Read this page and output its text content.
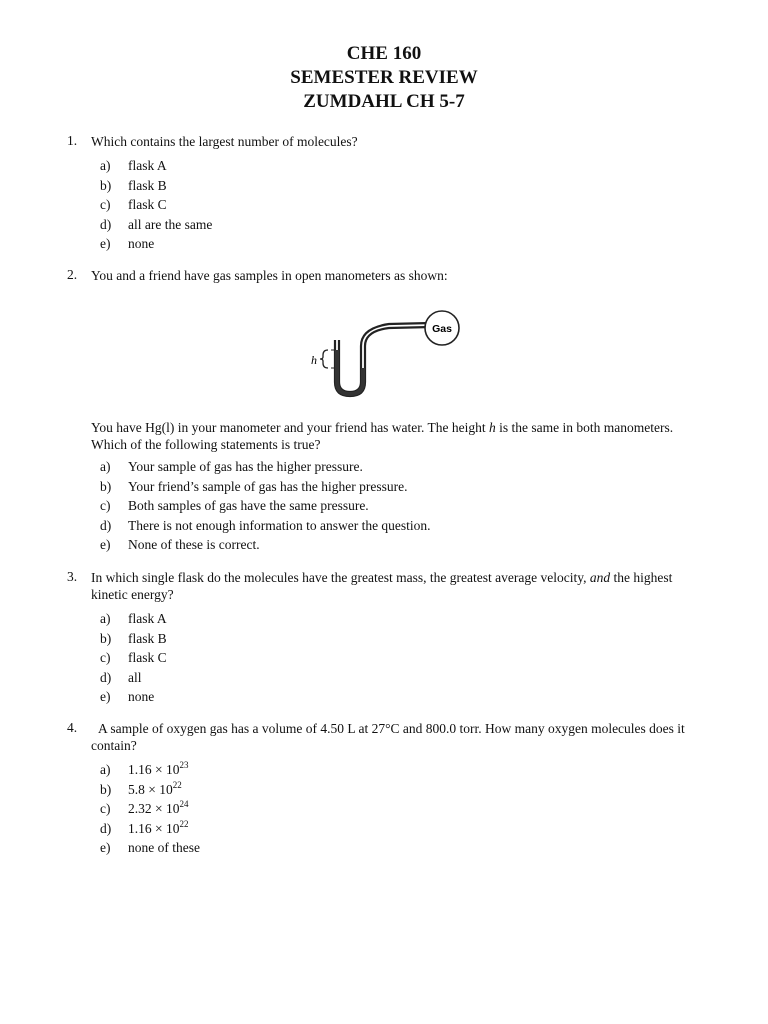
CHE 160

SEMESTER REVIEW

ZUMDAHL CH 5-7

1. Which contains the largest number of molecules?
a) flask A
b) flask B
c) flask C
d) all are the same
e) none
2. You and a friend have gas samples in open manometers as shown:
h
Gas
You have Hg(l) in your manometer and your friend has water. The height h is the same in both manometers. Which of the following statements is true?
a) Your sample of gas has the higher pressure.
b) Your friend’s sample of gas has the higher pressure.
c) Both samples of gas have the same pressure.
d) There is not enough information to answer the question.
e) None of these is correct.
3. In which single flask do the molecules have the greatest mass, the greatest average velocity, and the highest kinetic energy?
a) flask A
b) flask B
c) flask C
d) all
e) none
4.	A sample of oxygen gas has a volume of 4.50 L at 27°C and 800.0 torr. How many oxygen molecules does it contain?
a) $1.16 \times 10^{23}$
b) $5.8 \times 10^{22}$
c) $2.32 \times 10^{24}$
d) $1.16 \times 10^{22}$
e) none of these
